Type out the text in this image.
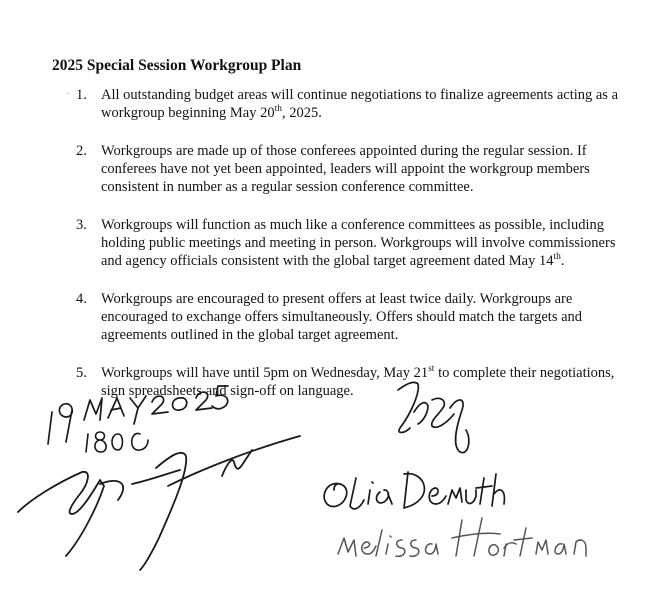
2025 Special Session Workgroup Plan
· 1. All outstanding budget areas will continue negotiations to finalize agreements acting as a workgroup beginning May 20th, 2025.
2. Workgroups are made up of those conferees appointed during the regular session. If conferees have not yet been appointed, leaders will appoint the workgroup members consistent in number as a regular session conference committee.
3. Workgroups will function as much like a conference committees as possible, including holding public meetings and meeting in person. Workgroups will involve commissioners and agency officials consistent with the global target agreement dated May 14th.
4. Workgroups are encouraged to present offers at least twice daily. Workgroups are encouraged to exchange offers simultaneously. Offers should match the targets and agreements outlined in the global target agreement.
5. Workgroups will have until 5pm on Wednesday, May 21st to complete their negotiations, sign spreadsheets and sign-off on language.
